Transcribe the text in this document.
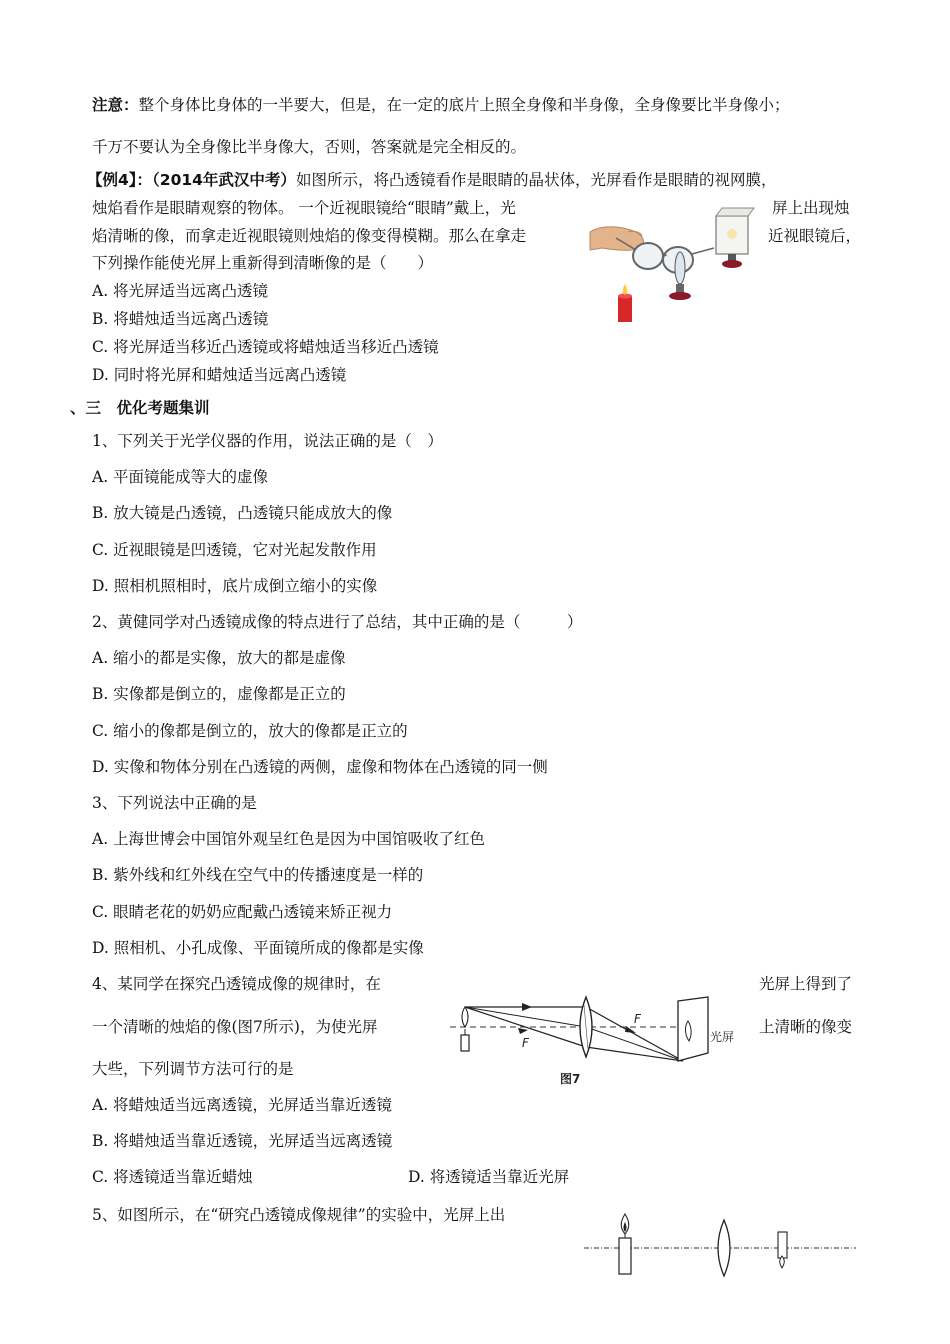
注意：整个身体比身体的一半要大，但是，在一定的底片上照全身像和半身像，全身像要比半身像小；
千万不要认为全身像比半身像大，否则，答案就是完全相反的。
【例4】：（2014年武汉中考）如图所示，将凸透镜看作是眼睛的晶状体，光屏看作是眼睛的视网膜，
烛焰看作是眼睛观察的物体。 一个近视眼镜给“眼睛”戴上，光	屏上出现烛
焰清晰的像，而拿走近视眼镜则烛焰的像变得模糊。那么在拿走	近视眼镜后，
下列操作能使光屏上重新得到清晰像的是（　　）
A. 将光屏适当远离凸透镜
B. 将蜡烛适当远离凸透镜
C. 将光屏适当移近凸透镜或将蜡烛适当移近凸透镜
D. 同时将光屏和蜡烛适当远离凸透镜
、三　优化考题集训
1、下列关于光学仪器的作用，说法正确的是（　）
A. 平面镜能成等大的虚像
B. 放大镜是凸透镜，凸透镜只能成放大的像
C. 近视眼镜是凹透镜，它对光起发散作用
D. 照相机照相时，底片成倒立缩小的实像
2、黄健同学对凸透镜成像的特点进行了总结，其中正确的是（　　　）
A. 缩小的都是实像，放大的都是虚像
B. 实像都是倒立的，虚像都是正立的
C. 缩小的像都是倒立的，放大的像都是正立的
D. 实像和物体分别在凸透镜的两侧，虚像和物体在凸透镜的同一侧
3、下列说法中正确的是
A. 上海世博会中国馆外观呈红色是因为中国馆吸收了红色
B. 紫外线和红外线在空气中的传播速度是一样的
C. 眼睛老花的奶奶应配戴凸透镜来矫正视力
D. 照相机、小孔成像、平面镜所成的像都是实像
4、某同学在探究凸透镜成像的规律时，在	光屏上得到了
一个清晰的烛焰的像(图7所示)，为使光屏	上清晰的像变
大些，下列调节方法可行的是
A. 将蜡烛适当远离透镜，光屏适当靠近透镜
B. 将蜡烛适当靠近透镜，光屏适当远离透镜
C. 将透镜适当靠近蜡烛	D. 将透镜适当靠近光屏
F
F
光屏
图7
5、如图所示，在“研究凸透镜成像规律”的实验中，光屏上出
